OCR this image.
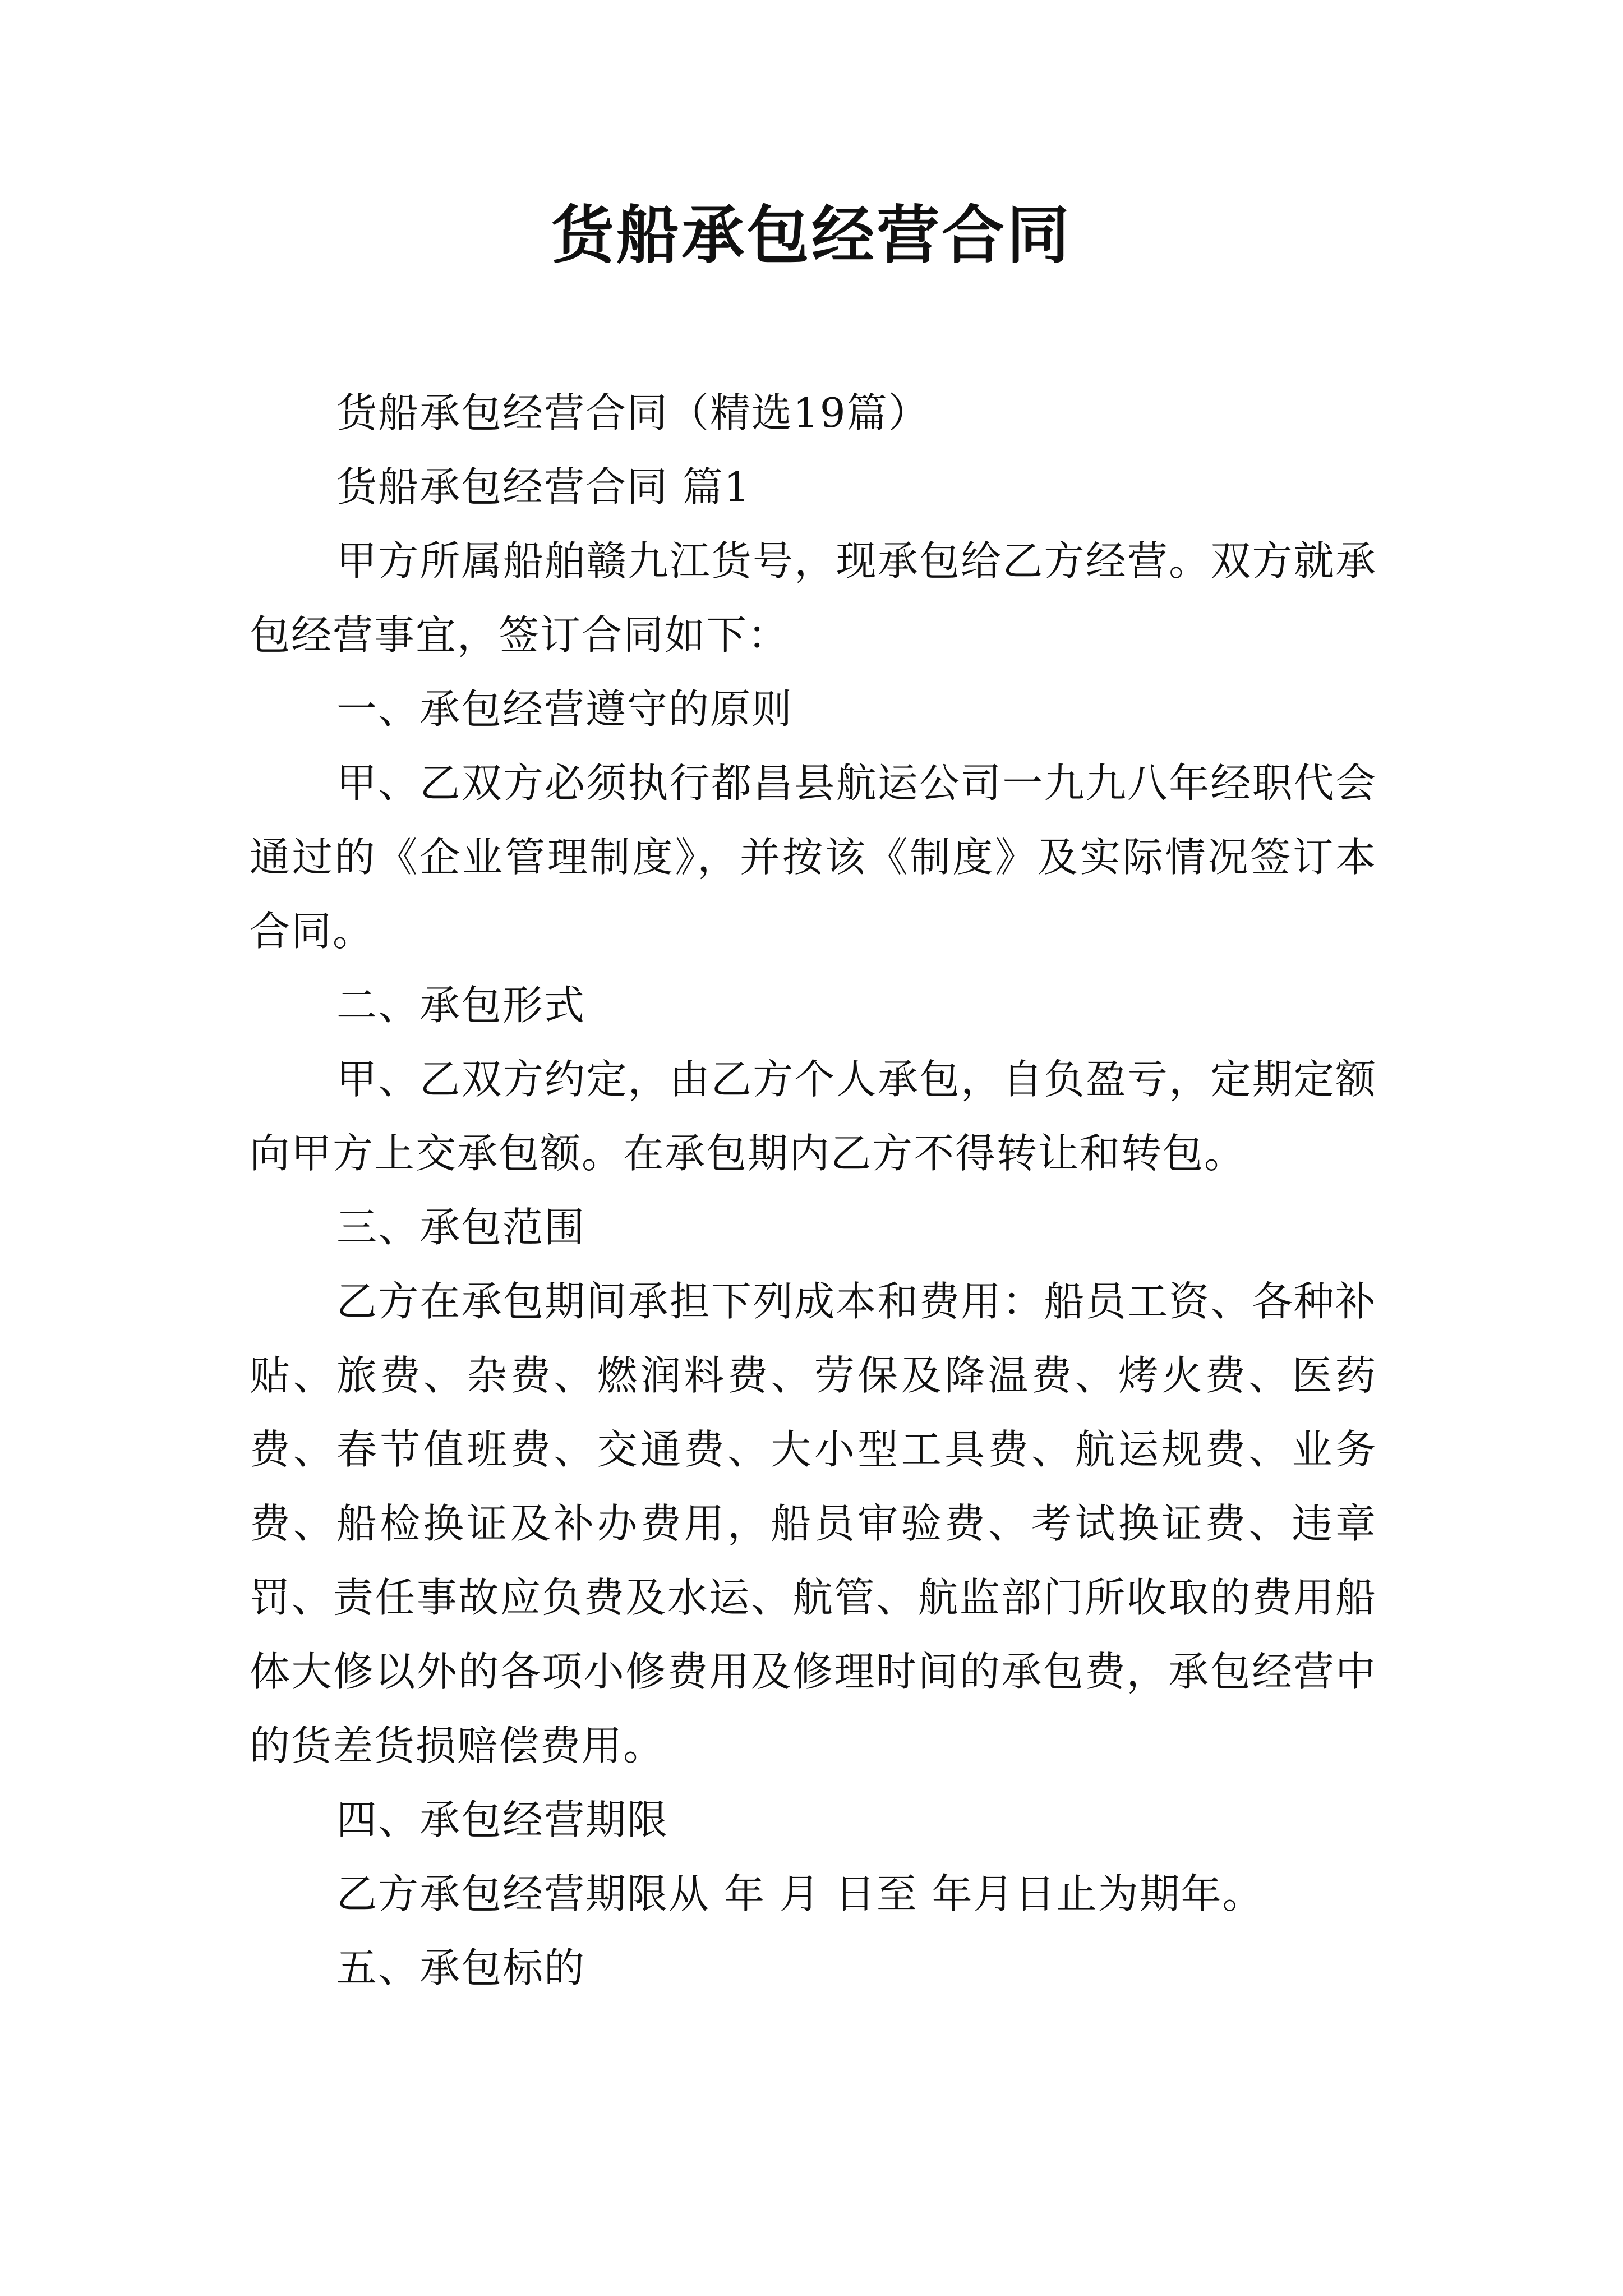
货船承包经营合同

货船承包经营合同（精选19篇）

货船承包经营合同 篇1

甲方所属船舶赣九江货号，现承包给乙方经营。双方就承包经营事宜，签订合同如下：

一、承包经营遵守的原则

甲、乙双方必须执行都昌县航运公司一九九八年经职代会通过的《企业管理制度》，并按该《制度》及实际情况签订本合同。

二、承包形式

甲、乙双方约定，由乙方个人承包，自负盈亏，定期定额向甲方上交承包额。在承包期内乙方不得转让和转包。

三、承包范围

乙方在承包期间承担下列成本和费用：船员工资、各种补贴、旅费、杂费、燃润料费、劳保及降温费、烤火费、医药费、春节值班费、交通费、大小型工具费、航运规费、业务费、船检换证及补办费用，船员审验费、考试换证费、违章罚、责任事故应负费及水运、航管、航监部门所收取的费用船体大修以外的各项小修费用及修理时间的承包费，承包经营中的货差货损赔偿费用。

四、承包经营期限

乙方承包经营期限从 年 月 日至 年月日止为期年。

五、承包标的
